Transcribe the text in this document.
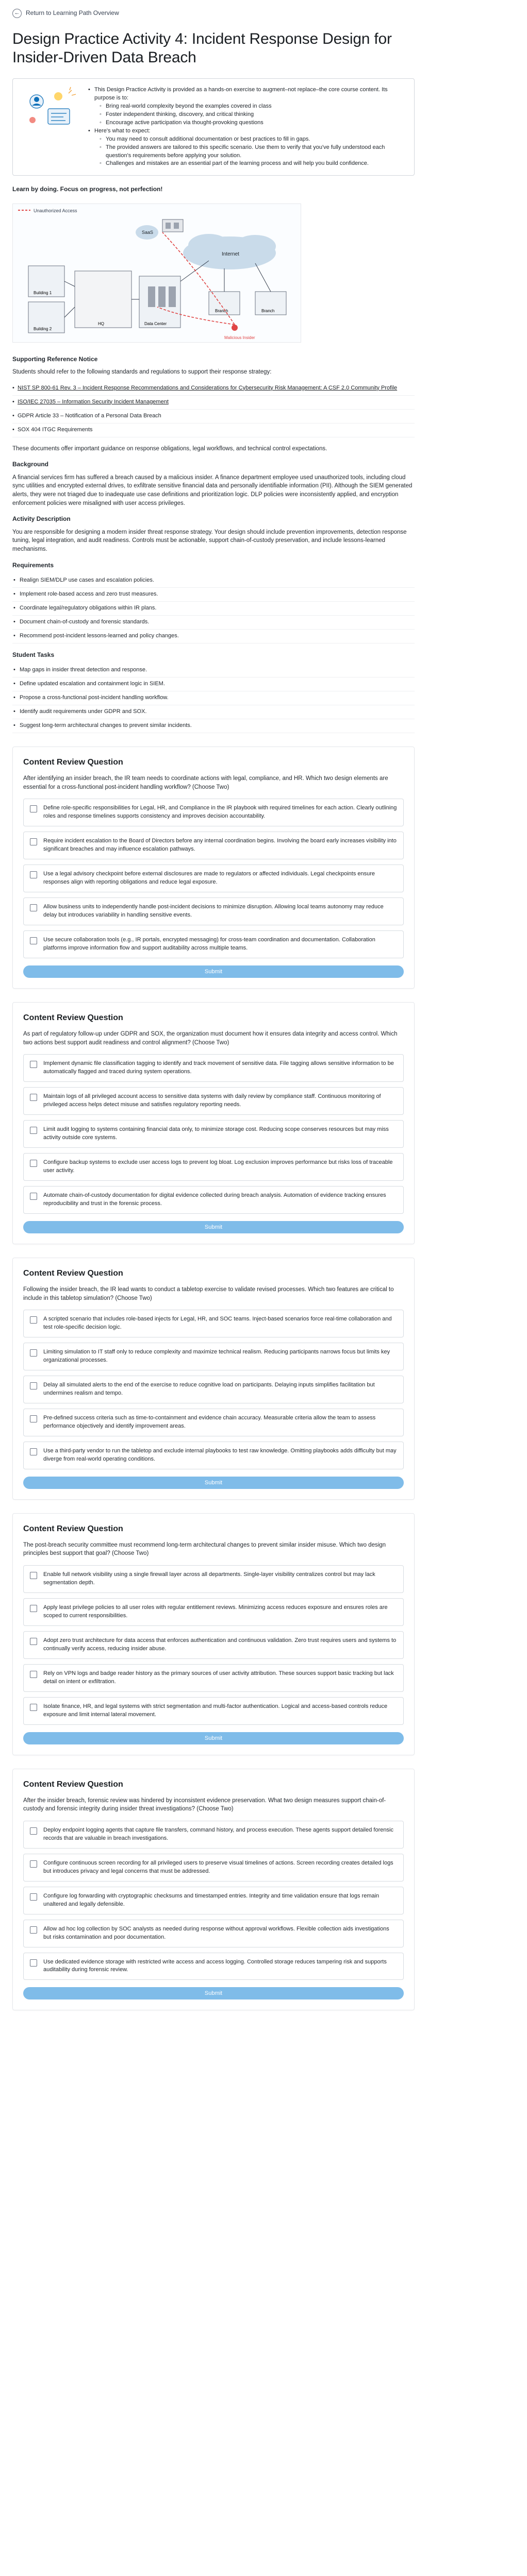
← Return to Learning Path Overview
Design Practice Activity 4: Incident Response Design for Insider-Driven Data Breach
• This Design Practice Activity is provided as a hands-on exercise to augment–not replace–the core course content. Its purpose is to:
◦ Bring real-world complexity beyond the examples covered in class
◦ Foster independent thinking, discovery, and critical thinking
◦ Encourage active participation via thought-provoking questions
• Here's what to expect:
◦ You may need to consult additional documentation or best practices to fill in gaps.
◦ The provided answers are tailored to this specific scenario. Use them to verify that you've fully understood each question's requirements before applying your solution.
◦ Challenges and mistakes are an essential part of the learning process and will help you build confidence.
Learn by doing. Focus on progress, not perfection!
Unauthorized Access
SaaS
Internet
Building 1
Building 2
HQ	Data Center
Branch	Branch
Malicious Insider
Supporting Reference Notice

Students should refer to the following standards and regulations to support their response strategy:

• NIST SP 800-61 Rev. 3 – Incident Response Recommendations and Considerations for Cybersecurity Risk Management: A CSF 2.0 Community Profile
• ISO/IEC 27035 – Information Security Incident Management
• GDPR Article 33 – Notification of a Personal Data Breach
• SOX 404 ITGC Requirements

These documents offer important guidance on response obligations, legal workflows, and technical control expectations.

Background

A financial services firm has suffered a breach caused by a malicious insider. A finance department employee used unauthorized tools, including cloud sync utilities and encrypted external drives, to exfiltrate sensitive financial data and personally identifiable information (PII). Although the SIEM generated alerts, they were not triaged due to inadequate use case definitions and prioritization logic. DLP policies were inconsistently applied, and encryption enforcement policies were misaligned with user access privileges.

Activity Description

You are responsible for designing a modern insider threat response strategy. Your design should include prevention improvements, detection response tuning, legal integration, and audit readiness. Controls must be actionable, support chain-of-custody preservation, and include lessons-learned mechanisms.

Requirements
• Realign SIEM/DLP use cases and escalation policies.
• Implement role-based access and zero trust measures.
• Coordinate legal/regulatory obligations within IR plans.
• Document chain-of-custody and forensic standards.
• Recommend post-incident lessons-learned and policy changes.
Student Tasks
• Map gaps in insider threat detection and response.
• Define updated escalation and containment logic in SIEM.
• Propose a cross-functional post-incident handling workflow.
• Identify audit requirements under GDPR and SOX.
• Suggest long-term architectural changes to prevent similar incidents.
Content Review Question

After identifying an insider breach, the IR team needs to coordinate actions with legal, compliance, and HR. Which two design elements are essential for a cross-functional post-incident handling workflow? (Choose Two)

Define role-specific responsibilities for Legal, HR, and Compliance in the IR playbook with required timelines for each action. Clearly outlining roles and response timelines supports consistency and improves decision accountability.
Require incident escalation to the Board of Directors before any internal coordination begins. Involving the board early increases visibility into significant breaches and may influence escalation pathways.
Use a legal advisory checkpoint before external disclosures are made to regulators or affected individuals. Legal checkpoints ensure responses align with reporting obligations and reduce legal exposure.
Allow business units to independently handle post-incident decisions to minimize disruption. Allowing local teams autonomy may reduce delay but introduces variability in handling sensitive events.
Use secure collaboration tools (e.g., IR portals, encrypted messaging) for cross-team coordination and documentation. Collaboration platforms improve information flow and support auditability across multiple teams.
Submit
Content Review Question

As part of regulatory follow-up under GDPR and SOX, the organization must document how it ensures data integrity and access control. Which two actions best support audit readiness and control alignment? (Choose Two)

Implement dynamic file classification tagging to identify and track movement of sensitive data. File tagging allows sensitive information to be automatically flagged and traced during system operations.
Maintain logs of all privileged account access to sensitive data systems with daily review by compliance staff. Continuous monitoring of privileged access helps detect misuse and satisfies regulatory reporting needs.
Limit audit logging to systems containing financial data only, to minimize storage cost. Reducing scope conserves resources but may miss activity outside core systems.
Configure backup systems to exclude user access logs to prevent log bloat. Log exclusion improves performance but risks loss of traceable user activity.
Automate chain-of-custody documentation for digital evidence collected during breach analysis. Automation of evidence tracking ensures reproducibility and trust in the forensic process.
Submit
Content Review Question

Following the insider breach, the IR lead wants to conduct a tabletop exercise to validate revised processes. Which two features are critical to include in this tabletop simulation? (Choose Two)

A scripted scenario that includes role-based injects for Legal, HR, and SOC teams. Inject-based scenarios force real-time collaboration and test role-specific decision logic.
Limiting simulation to IT staff only to reduce complexity and maximize technical realism. Reducing participants narrows focus but limits key organizational processes.
Delay all simulated alerts to the end of the exercise to reduce cognitive load on participants. Delaying inputs simplifies facilitation but undermines realism and tempo.
Pre-defined success criteria such as time-to-containment and evidence chain accuracy. Measurable criteria allow the team to assess performance objectively and identify improvement areas.
Use a third-party vendor to run the tabletop and exclude internal playbooks to test raw knowledge. Omitting playbooks adds difficulty but may diverge from real-world operating conditions.
Submit
Content Review Question

The post-breach security committee must recommend long-term architectural changes to prevent similar insider misuse. Which two design principles best support that goal? (Choose Two)

Enable full network visibility using a single firewall layer across all departments. Single-layer visibility centralizes control but may lack segmentation depth.
Apply least privilege policies to all user roles with regular entitlement reviews. Minimizing access reduces exposure and ensures roles are scoped to current responsibilities.
Adopt zero trust architecture for data access that enforces authentication and continuous validation. Zero trust requires users and systems to continually verify access, reducing insider abuse.
Rely on VPN logs and badge reader history as the primary sources of user activity attribution. These sources support basic tracking but lack detail on intent or exfiltration.
Isolate finance, HR, and legal systems with strict segmentation and multi-factor authentication. Logical and access-based controls reduce exposure and limit internal lateral movement.
Submit
Content Review Question

After the insider breach, forensic review was hindered by inconsistent evidence preservation. What two design measures support chain-of-custody and forensic integrity during insider threat investigations? (Choose Two)

Deploy endpoint logging agents that capture file transfers, command history, and process execution. These agents support detailed forensic records that are valuable in breach investigations.
Configure continuous screen recording for all privileged users to preserve visual timelines of actions. Screen recording creates detailed logs but introduces privacy and legal concerns that must be addressed.
Configure log forwarding with cryptographic checksums and timestamped entries. Integrity and time validation ensure that logs remain unaltered and legally defensible.
Allow ad hoc log collection by SOC analysts as needed during response without approval workflows. Flexible collection aids investigations but risks contamination and poor documentation.
Use dedicated evidence storage with restricted write access and access logging. Controlled storage reduces tampering risk and supports auditability during forensic review.
Submit
